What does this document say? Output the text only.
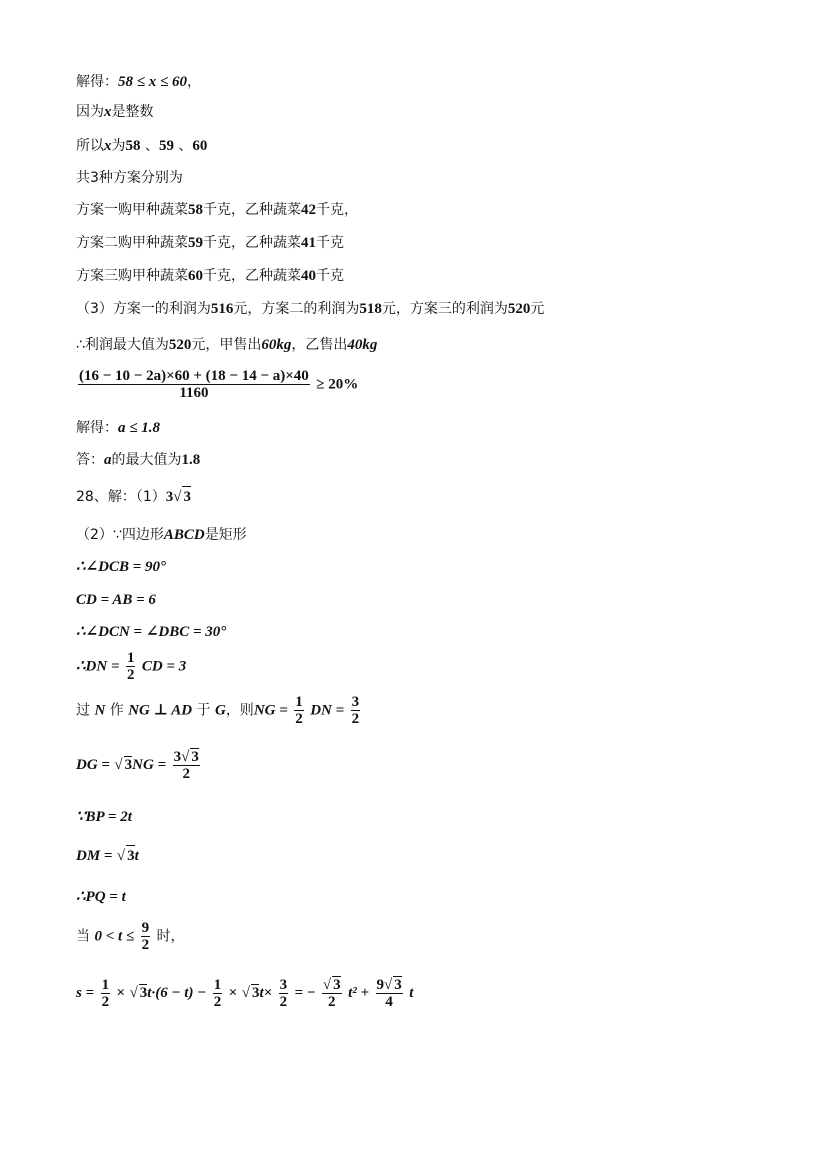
解得：58 ≤ x ≤ 60，
因为x是整数
所以x为58 、59 、60
共3种方案分别为
方案一购甲种蔬菜58千克，乙种蔬菜42千克，
方案二购甲种蔬菜59千克，乙种蔬菜41千克
方案三购甲种蔬菜60千克，乙种蔬菜40千克
（3）方案一的利润为516元，方案二的利润为518元，方案三的利润为520元
∴利润最大值为520元，甲售出60kg，乙售出40kg
$\frac{(16 - 10 - 2a)\times 60 + (18 - 14 - a)\times 40}{1160} \ge 20\%$
解得：a ≤ 1.8
答：a的最大值为1.8
28、解：（1）3√ 3
（2）∵四边形ABCD是矩形
∴∠DCB = 90°
CD = AB = 6
∴∠DCN = ∠DBC = 30°
∴DN = $\frac{1}{2}$ CD = 3
过 N 作 NG ⊥ AD 于 G，则NG = $\frac{1}{2}$ DN = $\frac{3}{2}$
DG = √ $3NG = \frac{3√ 3}{2}$
∵BP = 2t
DM = √ 3t
∴PQ = t
当 $0 < t \le \frac{9}{2}$ 时，
$s = \frac{1}{2}$ × √ $3t\cdot(6 - t) - \frac{1}{2}$ × √ $3t\times \frac{3}{2}$ = − $\frac{√ 3}{2} t^2 + \frac{9√ 3}{4}$ t
